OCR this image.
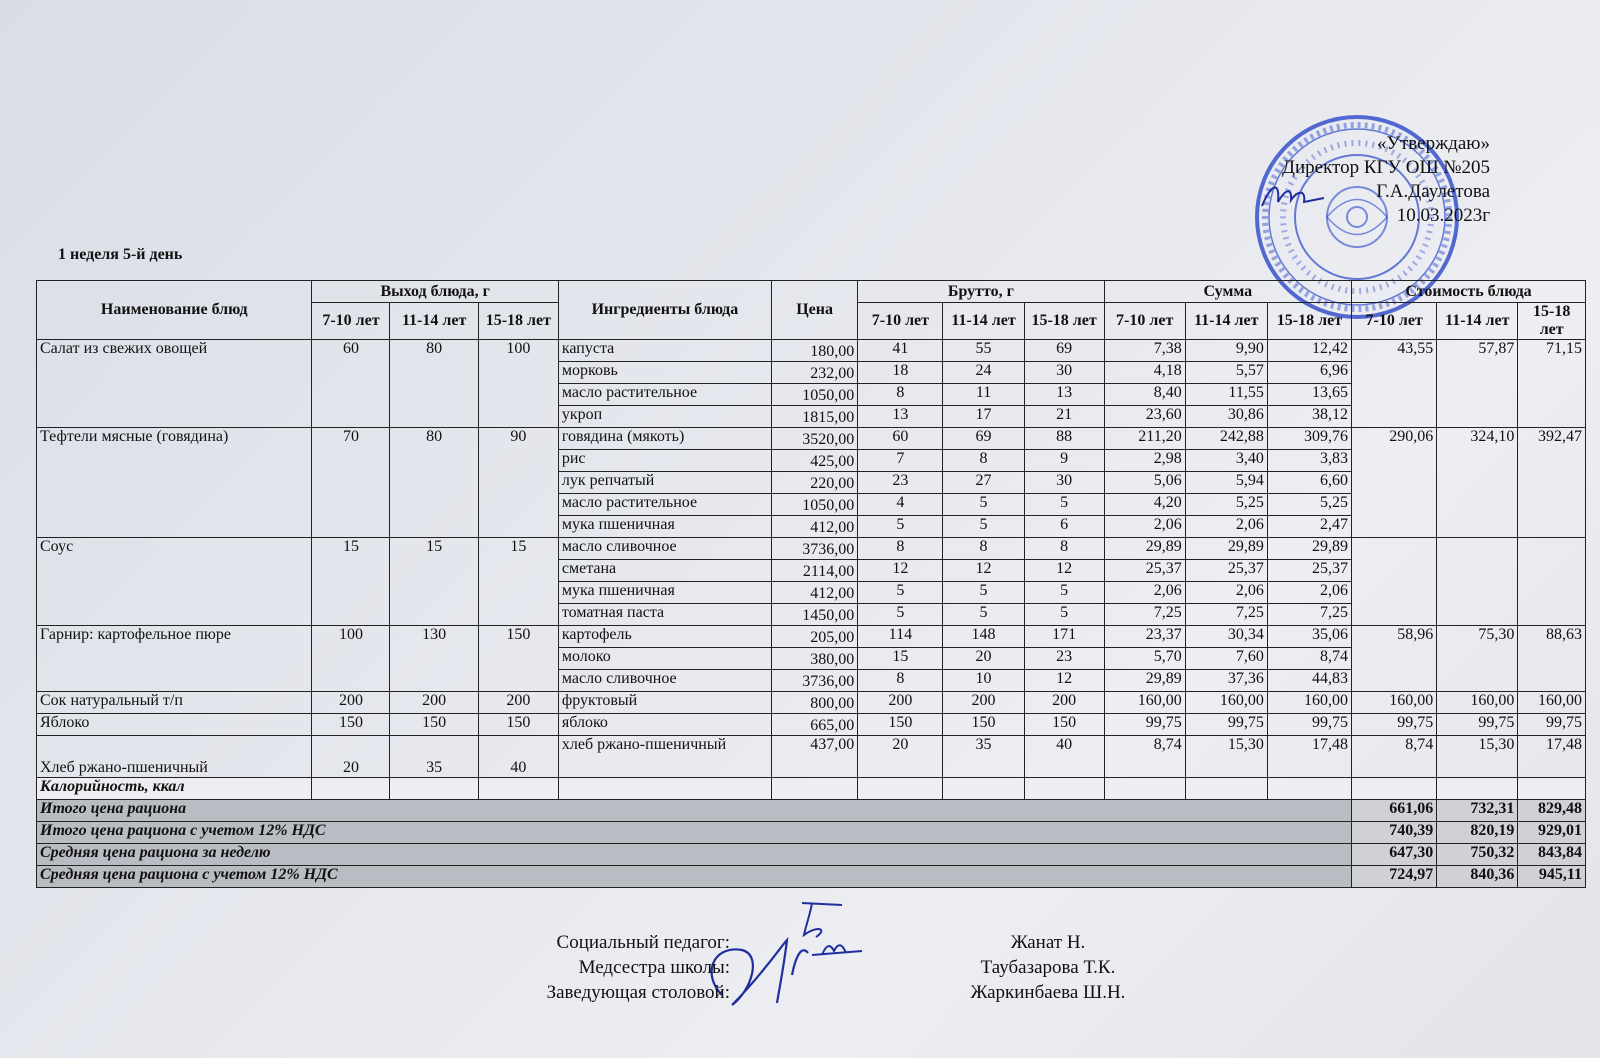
«Утверждаю»
Директор КГУ ОШ №205
Г.А.Даулетова
10.03.2023г
1 неделя 5-й день
Наименование блюд	Выход блюда, г			Ингредиенты блюда	Цена	Брутто, г			Сумма			Стоимость блюда		
	7-10 лет	11-14 лет	15-18 лет			7-10 лет	11-14 лет	15-18 лет	7-10 лет	11-14 лет	15-18 лет	7-10 лет	11-14 лет	15-18 лет
Салат из свежих овощей	60	80	100	капуста	180,00	41	55	69	7,38	9,90	12,42	43,55	57,87	71,15
				морковь	232,00	18	24	30	4,18	5,57	6,96			
				масло растительное	1050,00	8	11	13	8,40	11,55	13,65			
				укроп	1815,00	13	17	21	23,60	30,86	38,12			
Тефтели мясные (говядина)	70	80	90	говядина (мякоть)	3520,00	60	69	88	211,20	242,88	309,76	290,06	324,10	392,47
				рис	425,00	7	8	9	2,98	3,40	3,83			
				лук репчатый	220,00	23	27	30	5,06	5,94	6,60			
				масло растительное	1050,00	4	5	5	4,20	5,25	5,25			
				мука пшеничная	412,00	5	5	6	2,06	2,06	2,47			
Соус	15	15	15	масло сливочное	3736,00	8	8	8	29,89	29,89	29,89			
				сметана	2114,00	12	12	12	25,37	25,37	25,37			
				мука пшеничная	412,00	5	5	5	2,06	2,06	2,06			
				томатная паста	1450,00	5	5	5	7,25	7,25	7,25			
Гарнир: картофельное пюре	100	130	150	картофель	205,00	114	148	171	23,37	30,34	35,06	58,96	75,30	88,63
				молоко	380,00	15	20	23	5,70	7,60	8,74			
				масло сливочное	3736,00	8	10	12	29,89	37,36	44,83			
Сок натуральный т/п	200	200	200	фруктовый	800,00	200	200	200	160,00	160,00	160,00	160,00	160,00	160,00
Яблоко	150	150	150	яблоко	665,00	150	150	150	99,75	99,75	99,75	99,75	99,75	99,75
Хлеб ржано-пшеничный	20	35	40	хлеб ржано-пшеничный	437,00	20	35	40	8,74	15,30	17,48	8,74	15,30	17,48
Калорийность, ккал														
Итого цена рациона												661,06	732,31	829,48
Итого цена рациона с учетом 12% НДС												740,39	820,19	929,01
Средняя цена рациона за неделю												647,30	750,32	843,84
Средняя цена рациона с учетом 12% НДС												724,97	840,36	945,11
Социальный педагог:
Медсестра школы:
Заведующая столовой:
Жанат Н.
Таубазарова Т.К.
Жаркинбаева Ш.Н.
